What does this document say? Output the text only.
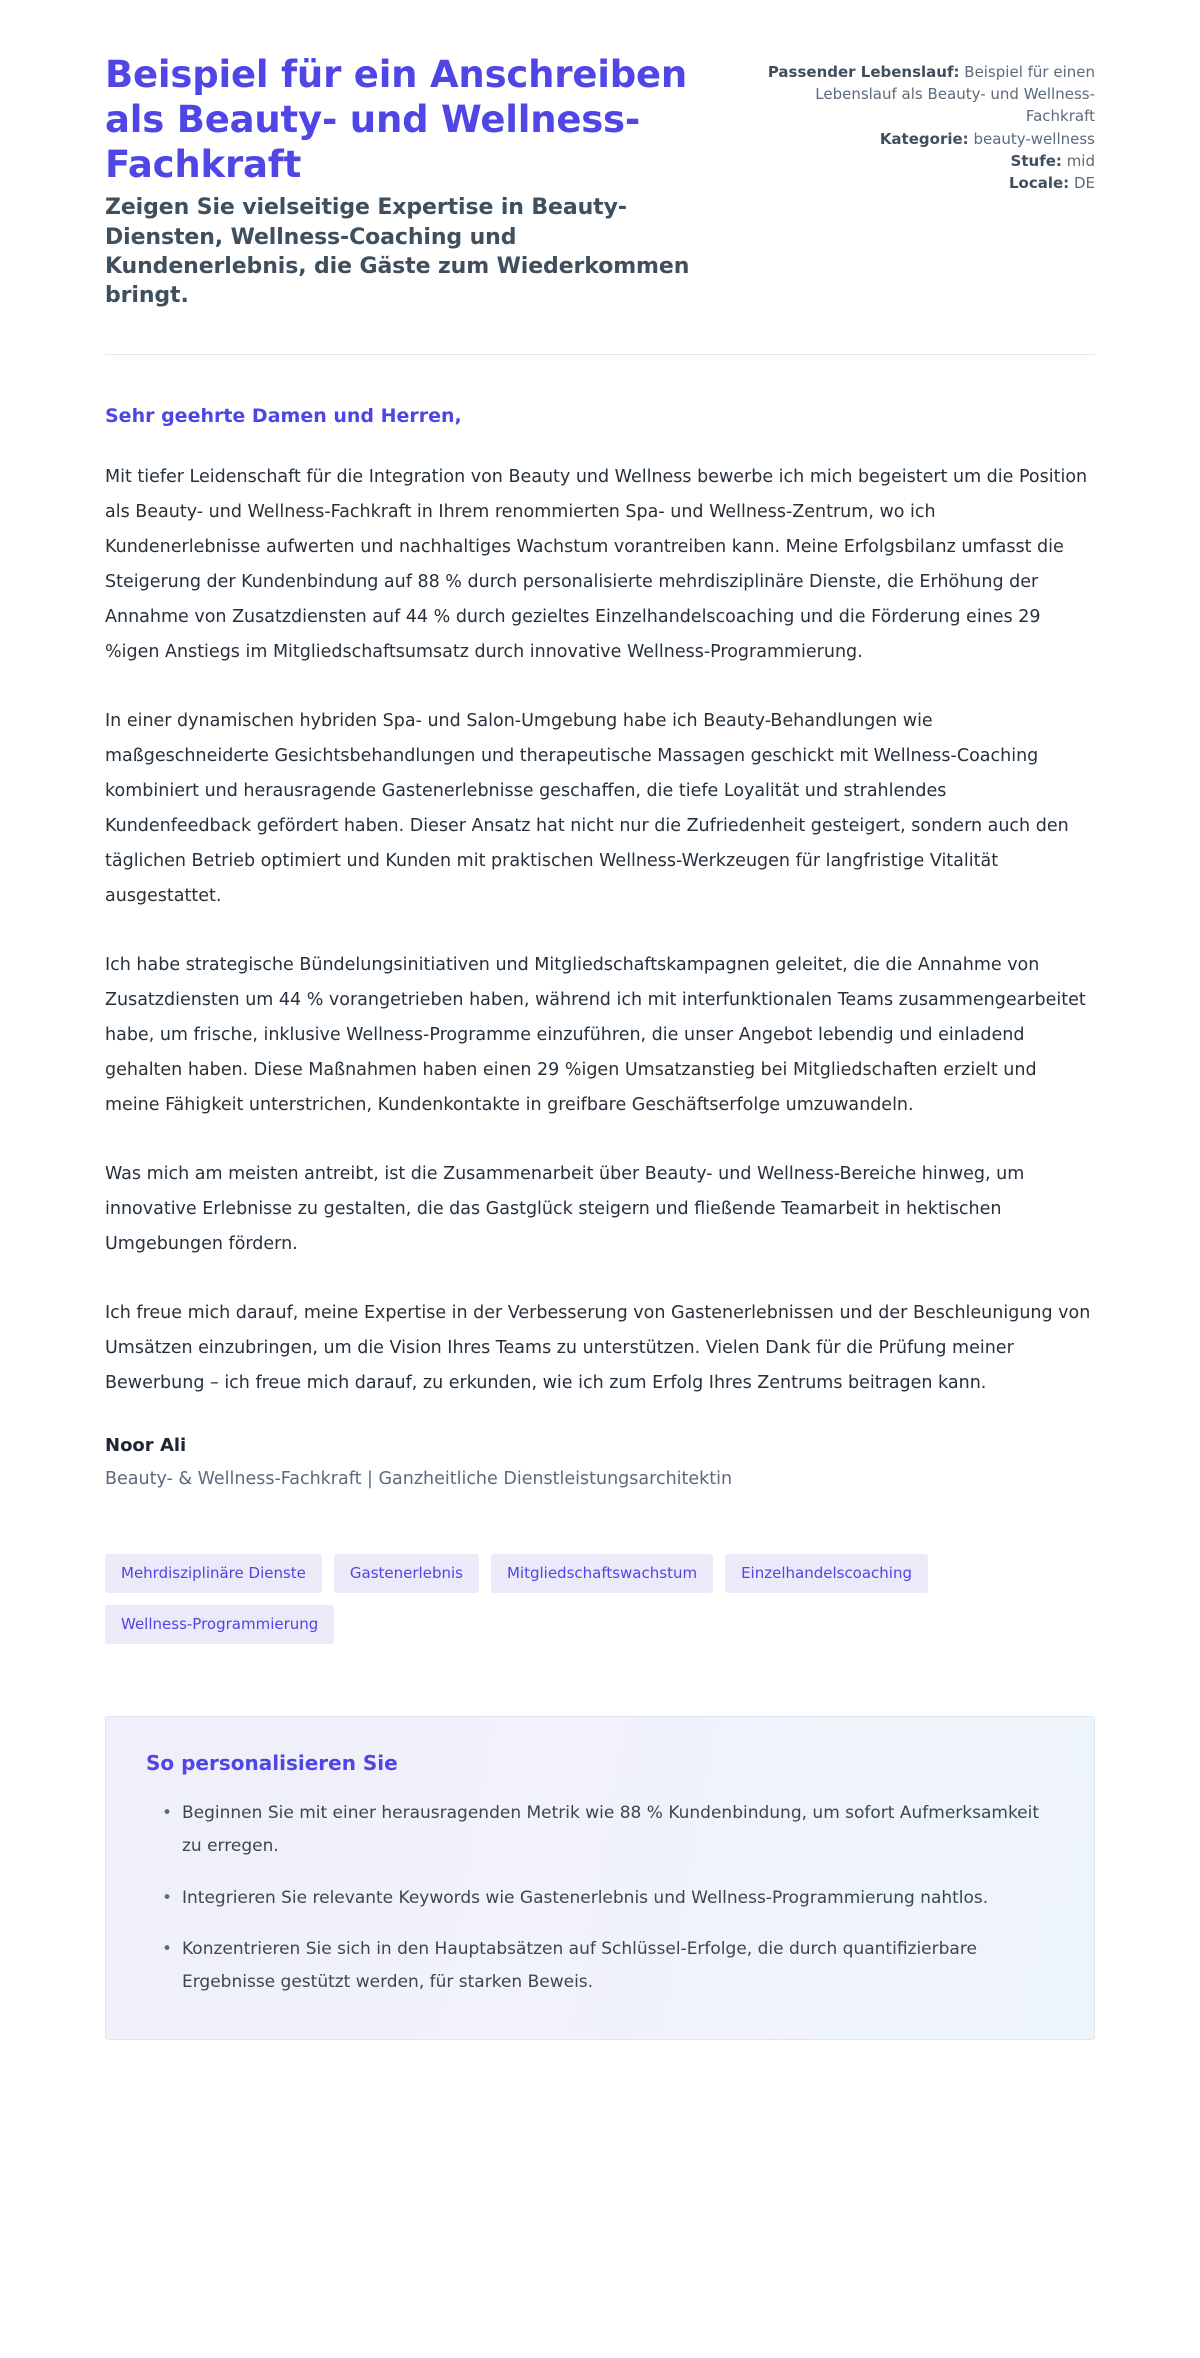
Beispiel für ein Anschreiben als Beauty- und Wellness-Fachkraft

Zeigen Sie vielseitige Expertise in Beauty-Diensten, Wellness-Coaching und Kundenerlebnis, die Gäste zum Wiederkommen bringt.

Passender Lebenslauf: Beispiel für einen Lebenslauf als Beauty- und Wellness-Fachkraft
Kategorie: beauty-wellness
Stufe: mid
Locale: DE

Sehr geehrte Damen und Herren,

Mit tiefer Leidenschaft für die Integration von Beauty und Wellness bewerbe ich mich begeistert um die Position als Beauty- und Wellness-Fachkraft in Ihrem renommierten Spa- und Wellness-Zentrum, wo ich Kundenerlebnisse aufwerten und nachhaltiges Wachstum vorantreiben kann. Meine Erfolgsbilanz umfasst die Steigerung der Kundenbindung auf 88 % durch personalisierte mehrdisziplinäre Dienste, die Erhöhung der Annahme von Zusatzdiensten auf 44 % durch gezieltes Einzelhandelscoaching und die Förderung eines 29 %igen Anstiegs im Mitgliedschaftsumsatz durch innovative Wellness-Programmierung.

In einer dynamischen hybriden Spa- und Salon-Umgebung habe ich Beauty-Behandlungen wie maßgeschneiderte Gesichtsbehandlungen und therapeutische Massagen geschickt mit Wellness-Coaching kombiniert und herausragende Gastenerlebnisse geschaffen, die tiefe Loyalität und strahlendes Kundenfeedback gefördert haben. Dieser Ansatz hat nicht nur die Zufriedenheit gesteigert, sondern auch den täglichen Betrieb optimiert und Kunden mit praktischen Wellness-Werkzeugen für langfristige Vitalität ausgestattet.

Ich habe strategische Bündelungsinitiativen und Mitgliedschaftskampagnen geleitet, die die Annahme von Zusatzdiensten um 44 % vorangetrieben haben, während ich mit interfunktionalen Teams zusammengearbeitet habe, um frische, inklusive Wellness-Programme einzuführen, die unser Angebot lebendig und einladend gehalten haben. Diese Maßnahmen haben einen 29 %igen Umsatzanstieg bei Mitgliedschaften erzielt und meine Fähigkeit unterstrichen, Kundenkontakte in greifbare Geschäftserfolge umzuwandeln.

Was mich am meisten antreibt, ist die Zusammenarbeit über Beauty- und Wellness-Bereiche hinweg, um innovative Erlebnisse zu gestalten, die das Gastglück steigern und fließende Teamarbeit in hektischen Umgebungen fördern.

Ich freue mich darauf, meine Expertise in der Verbesserung von Gastenerlebnissen und der Beschleunigung von Umsätzen einzubringen, um die Vision Ihres Teams zu unterstützen. Vielen Dank für die Prüfung meiner Bewerbung – ich freue mich darauf, zu erkunden, wie ich zum Erfolg Ihres Zentrums beitragen kann.

Noor Ali

Beauty- & Wellness-Fachkraft | Ganzheitliche Dienstleistungsarchitektin

Mehrdisziplinäre Dienste	Gastenerlebnis	Mitgliedschaftswachstum	Einzelhandelscoaching
Wellness-Programmierung
So personalisieren Sie
• Beginnen Sie mit einer herausragenden Metrik wie 88 % Kundenbindung, um sofort Aufmerksamkeit zu erregen.
• Integrieren Sie relevante Keywords wie Gastenerlebnis und Wellness-Programmierung nahtlos.
• Konzentrieren Sie sich in den Hauptabsätzen auf Schlüssel-Erfolge, die durch quantifizierbare Ergebnisse gestützt werden, für starken Beweis.
